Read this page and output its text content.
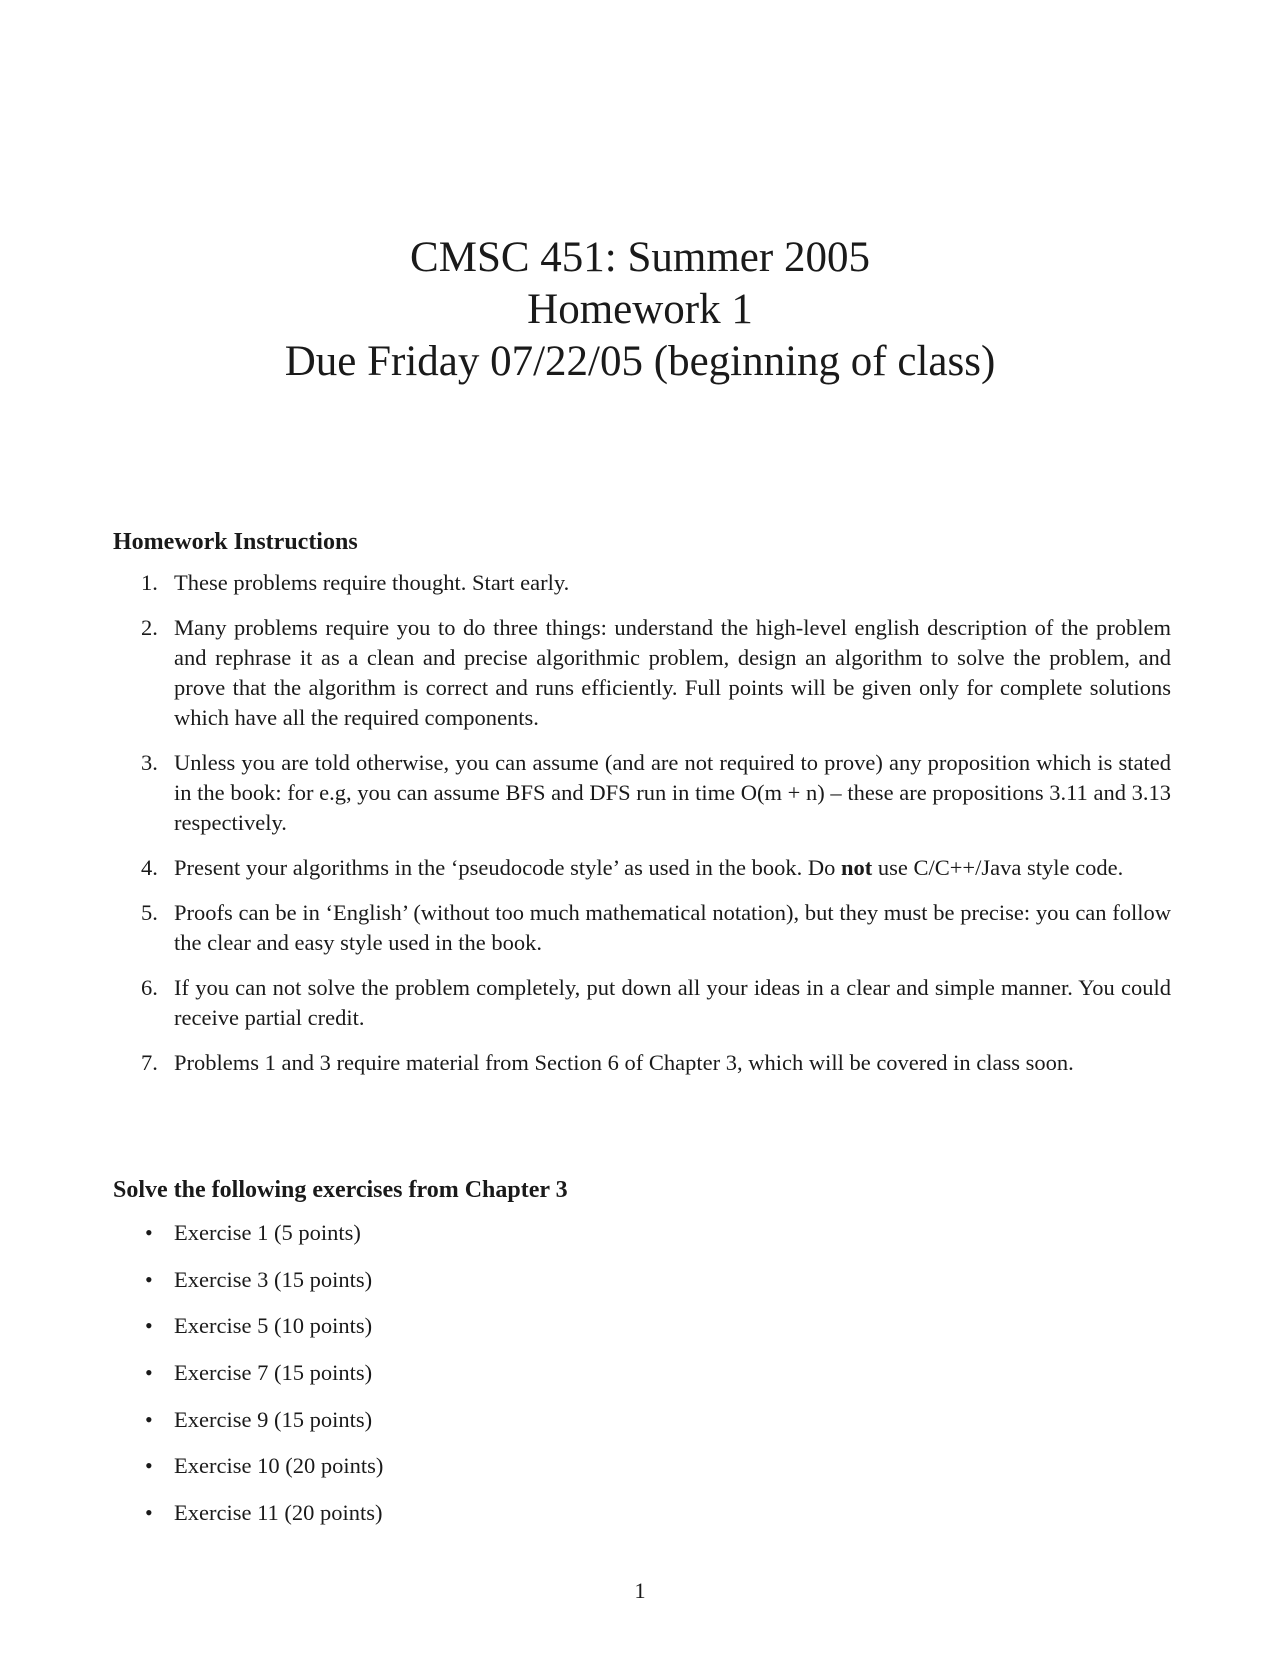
CMSC 451: Summer 2005
Homework 1
Due Friday 07/22/05 (beginning of class)
Homework Instructions
1. These problems require thought. Start early.
2. Many problems require you to do three things: understand the high-level english description of the problem and rephrase it as a clean and precise algorithmic problem, design an algorithm to solve the problem, and prove that the algorithm is correct and runs efficiently. Full points will be given only for complete solutions which have all the required components.
3. Unless you are told otherwise, you can assume (and are not required to prove) any proposition which is stated in the book: for e.g, you can assume BFS and DFS run in time O(m + n) – these are propositions 3.11 and 3.13 respectively.
4. Present your algorithms in the ‘pseudocode style’ as used in the book. Do not use C/C++/Java style code.
5. Proofs can be in ‘English’ (without too much mathematical notation), but they must be precise: you can follow the clear and easy style used in the book.
6. If you can not solve the problem completely, put down all your ideas in a clear and simple manner. You could receive partial credit.
7. Problems 1 and 3 require material from Section 6 of Chapter 3, which will be covered in class soon.
Solve the following exercises from Chapter 3
• Exercise 1 (5 points)
• Exercise 3 (15 points)
• Exercise 5 (10 points)
• Exercise 7 (15 points)
• Exercise 9 (15 points)
• Exercise 10 (20 points)
• Exercise 11 (20 points)
1
